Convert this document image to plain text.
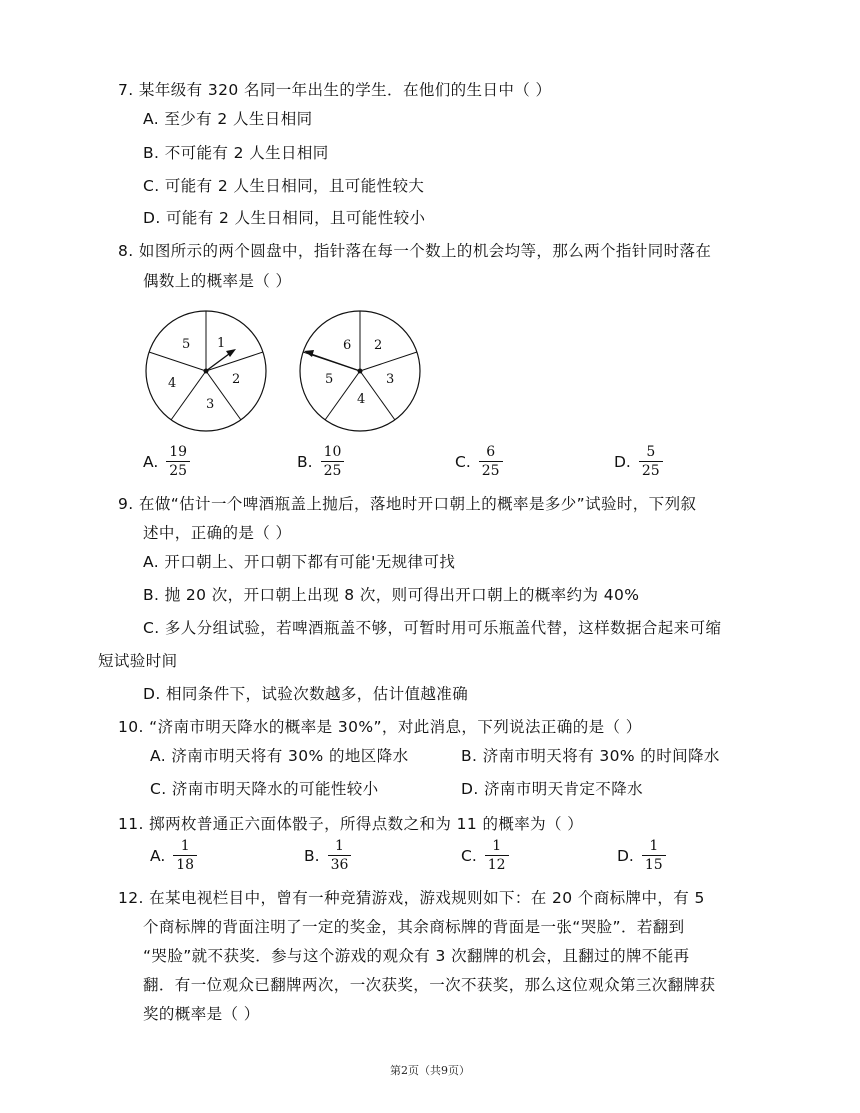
7. 某年级有 320 名同一年出生的学生．在他们的生日中（ ）
A. 至少有 2 人生日相同
B. 不可能有 2 人生日相同
C. 可能有 2 人生日相同，且可能性较大
D. 可能有 2 人生日相同，且可能性较小
8. 如图所示的两个圆盘中，指针落在每一个数上的机会均等，那么两个指针同时落在
偶数上的概率是（ ）
1
2
3
4
5	2
3
4
5
6
A. $\frac{19}{25}$	B. $\frac{10}{25}$	C. $\frac{6}{25}$	D. $\frac{5}{25}$
9. 在做“估计一个啤酒瓶盖上抛后，落地时开口朝上的概率是多少”试验时，下列叙
述中，正确的是（ ）
A. 开口朝上、开口朝下都有可能'无规律可找
B. 抛 20 次，开口朝上出现 8 次，则可得出开口朝上的概率约为 40%
C. 多人分组试验，若啤酒瓶盖不够，可暂时用可乐瓶盖代替，这样数据合起来可缩
短试验时间
D. 相同条件下，试验次数越多，估计值越准确
10. “济南市明天降水的概率是 30%”，对此消息，下列说法正确的是（ ）
A. 济南市明天将有 30% 的地区降水	B. 济南市明天将有 30% 的时间降水
C. 济南市明天降水的可能性较小	D. 济南市明天肯定不降水
11. 掷两枚普通正六面体骰子，所得点数之和为 11 的概率为（ ）
A. $\frac{1}{18}$	B. $\frac{1}{36}$	C. $\frac{1}{12}$	D. $\frac{1}{15}$
12. 在某电视栏目中，曾有一种竞猜游戏，游戏规则如下：在 20 个商标牌中，有 5
个商标牌的背面注明了一定的奖金，其余商标牌的背面是一张“哭脸”．若翻到
“哭脸”就不获奖．参与这个游戏的观众有 3 次翻牌的机会，且翻过的牌不能再
翻．有一位观众已翻牌两次，一次获奖，一次不获奖，那么这位观众第三次翻牌获
奖的概率是（ ）
第2页（共9页）
